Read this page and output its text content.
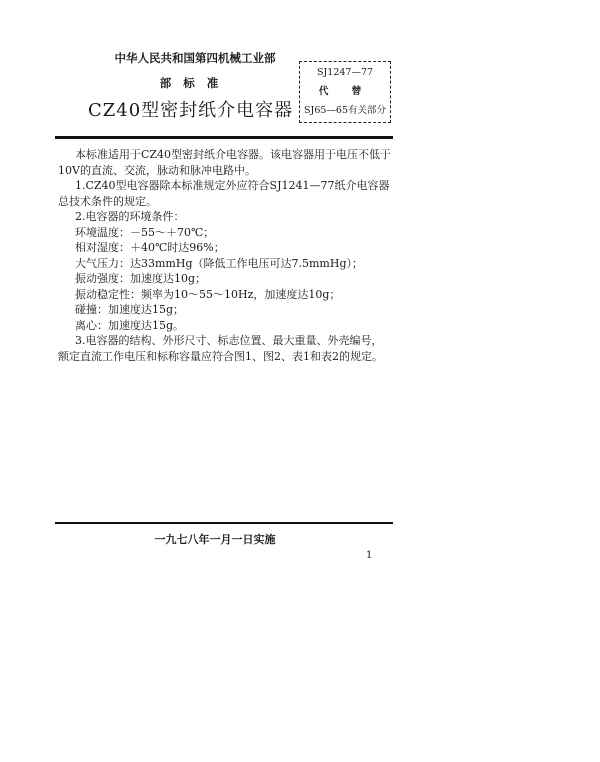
中华人民共和国第四机械工业部
部标准
CZ40型密封纸介电容器
SJ1247—77
代 替
SJ65—65有关部分

本标准适用于CZ40型密封纸介电容器。该电容器用于电压不低于10V的直流、交流，脉动和脉冲电路中。

1.CZ40型电容器除本标准规定外应符合SJ1241—77纸介电容器总技术条件的规定。

2.电容器的环境条件：

环境温度：－55～＋70℃；

相对湿度：＋40℃时达96%；

大气压力：达33mmHg（降低工作电压可达7.5mmHg）；

振动强度：加速度达10g；

振动稳定性：频率为10～55～10Hz，加速度达10g；

碰撞：加速度达15g；

离心：加速度达15g。

3.电容器的结构、外形尺寸、标志位置、最大重量、外壳编号，额定直流工作电压和标称容量应符合图1、图2、表1和表2的规定。

一九七八年一月一日实施
1
